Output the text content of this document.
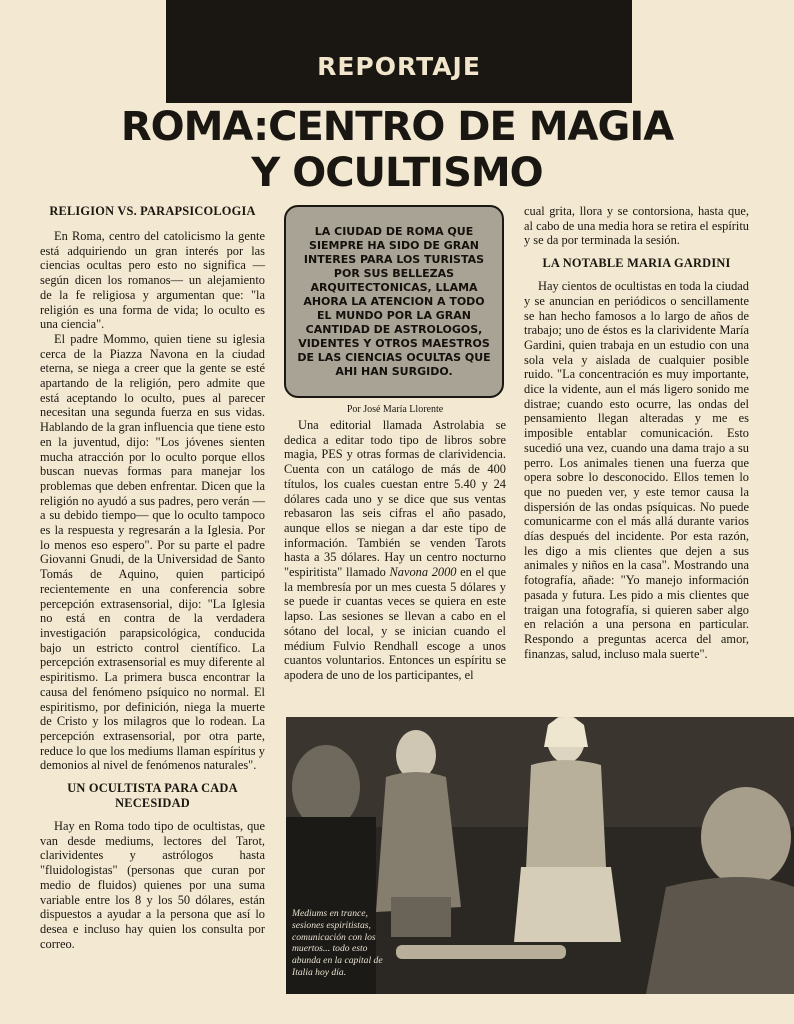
REPORTAJE
ROMA:CENTRO DE MAGIA
Y OCULTISMO
RELIGION VS. PARAPSICOLOGIA

En Roma, centro del catolicismo la gente está adquiriendo un gran interés por las ciencias ocultas pero esto no significa —según dicen los romanos— un alejamiento de la fe religiosa y argumentan que: "la religión es una forma de vida; lo oculto es una ciencia".

El padre Mommo, quien tiene su iglesia cerca de la Piazza Navona en la ciudad eterna, se niega a creer que la gente se esté apartando de la religión, pero admite que está aceptando lo oculto, pues al parecer necesitan una segunda fuerza en sus vidas. Hablando de la gran influencia que tiene esto en la juventud, dijo: "Los jóvenes sienten mucha atracción por lo oculto porque ellos buscan nuevas formas para manejar los problemas que deben enfrentar. Dicen que la religión no ayudó a sus padres, pero verán —a su debido tiempo— que lo oculto tampoco es la respuesta y regresarán a la Iglesia. Por lo menos eso espero". Por su parte el padre Giovanni Gnudi, de la Universidad de Santo Tomás de Aquino, quien participó recientemente en una conferencia sobre percepción extrasensorial, dijo: "La Iglesia no está en contra de la verdadera investigación parapsicológica, conducida bajo un estricto control científico. La percepción extrasensorial es muy diferente al espiritismo. La primera busca encontrar la causa del fenómeno psíquico no normal. El espiritismo, por definición, niega la muerte de Cristo y los milagros que lo rodean. La percepción extrasensorial, por otra parte, reduce lo que los mediums llaman espíritus y demonios al nivel de fenómenos naturales".

UN OCULTISTA PARA CADA NECESIDAD

Hay en Roma todo tipo de ocultistas, que van desde mediums, lectores del Tarot, clarividentes y astrólogos hasta "fluidologistas" (personas que curan por medio de fluidos) quienes por una suma variable entre los 8 y los 50 dólares, están dispuestos a ayudar a la persona que así lo desea e incluso hay quien los consulta por correo.

LA CIUDAD DE ROMA QUE SIEMPRE HA SIDO DE GRAN INTERES PARA LOS TURISTAS POR SUS BELLEZAS ARQUITECTONICAS, LLAMA AHORA LA ATENCION A TODO EL MUNDO POR LA GRAN CANTIDAD DE ASTROLOGOS, VIDENTES Y OTROS MAESTROS DE LAS CIENCIAS OCULTAS QUE AHI HAN SURGIDO.
Por José María Llorente

Una editorial llamada Astrolabia se dedica a editar todo tipo de libros sobre magia, PES y otras formas de clarividencia. Cuenta con un catálogo de más de 400 títulos, los cuales cuestan entre 5.40 y 24 dólares cada uno y se dice que sus ventas rebasaron las seis cifras el año pasado, aunque ellos se niegan a dar este tipo de información. También se venden Tarots hasta a 35 dólares. Hay un centro nocturno "espiritista" llamado Navona 2000 en el que la membresía por un mes cuesta 5 dólares y se puede ir cuantas veces se quiera en este lapso. Las sesiones se llevan a cabo en el sótano del local, y se inician cuando el médium Fulvio Rendhall escoge a unos cuantos voluntarios. Entonces un espíritu se apodera de uno de los participantes, el

cual grita, llora y se contorsiona, hasta que, al cabo de una media hora se retira el espíritu y se da por terminada la sesión.

LA NOTABLE MARIA GARDINI

Hay cientos de ocultistas en toda la ciudad y se anuncian en periódicos o sencillamente se han hecho famosos a lo largo de años de trabajo; uno de éstos es la clarividente María Gardini, quien trabaja en un estudio con una sola vela y aislada de cualquier posible ruido. "La concentración es muy importante, dice la vidente, aun el más ligero sonido me distrae; cuando esto ocurre, las ondas del pensamiento llegan alteradas y me es imposible entablar comunicación. Esto sucedió una vez, cuando una dama trajo a su perro. Los animales tienen una fuerza que opera sobre lo desconocido. Ellos temen lo que no pueden ver, y este temor causa la dispersión de las ondas psíquicas. No puede comunicarme con el más allá durante varios días después del incidente. Por esta razón, les digo a mis clientes que dejen a sus animales y niños en la casa". Mostrando una fotografía, añade: "Yo manejo información pasada y futura. Les pido a mis clientes que traigan una fotografía, si quieren saber algo en relación a una persona en particular. Respondo a preguntas acerca del amor, finanzas, salud, incluso mala suerte".

Mediums en trance, sesiones espiritistas, comunicación con los muertos... todo esto abunda en la capital de Italia hoy día.
